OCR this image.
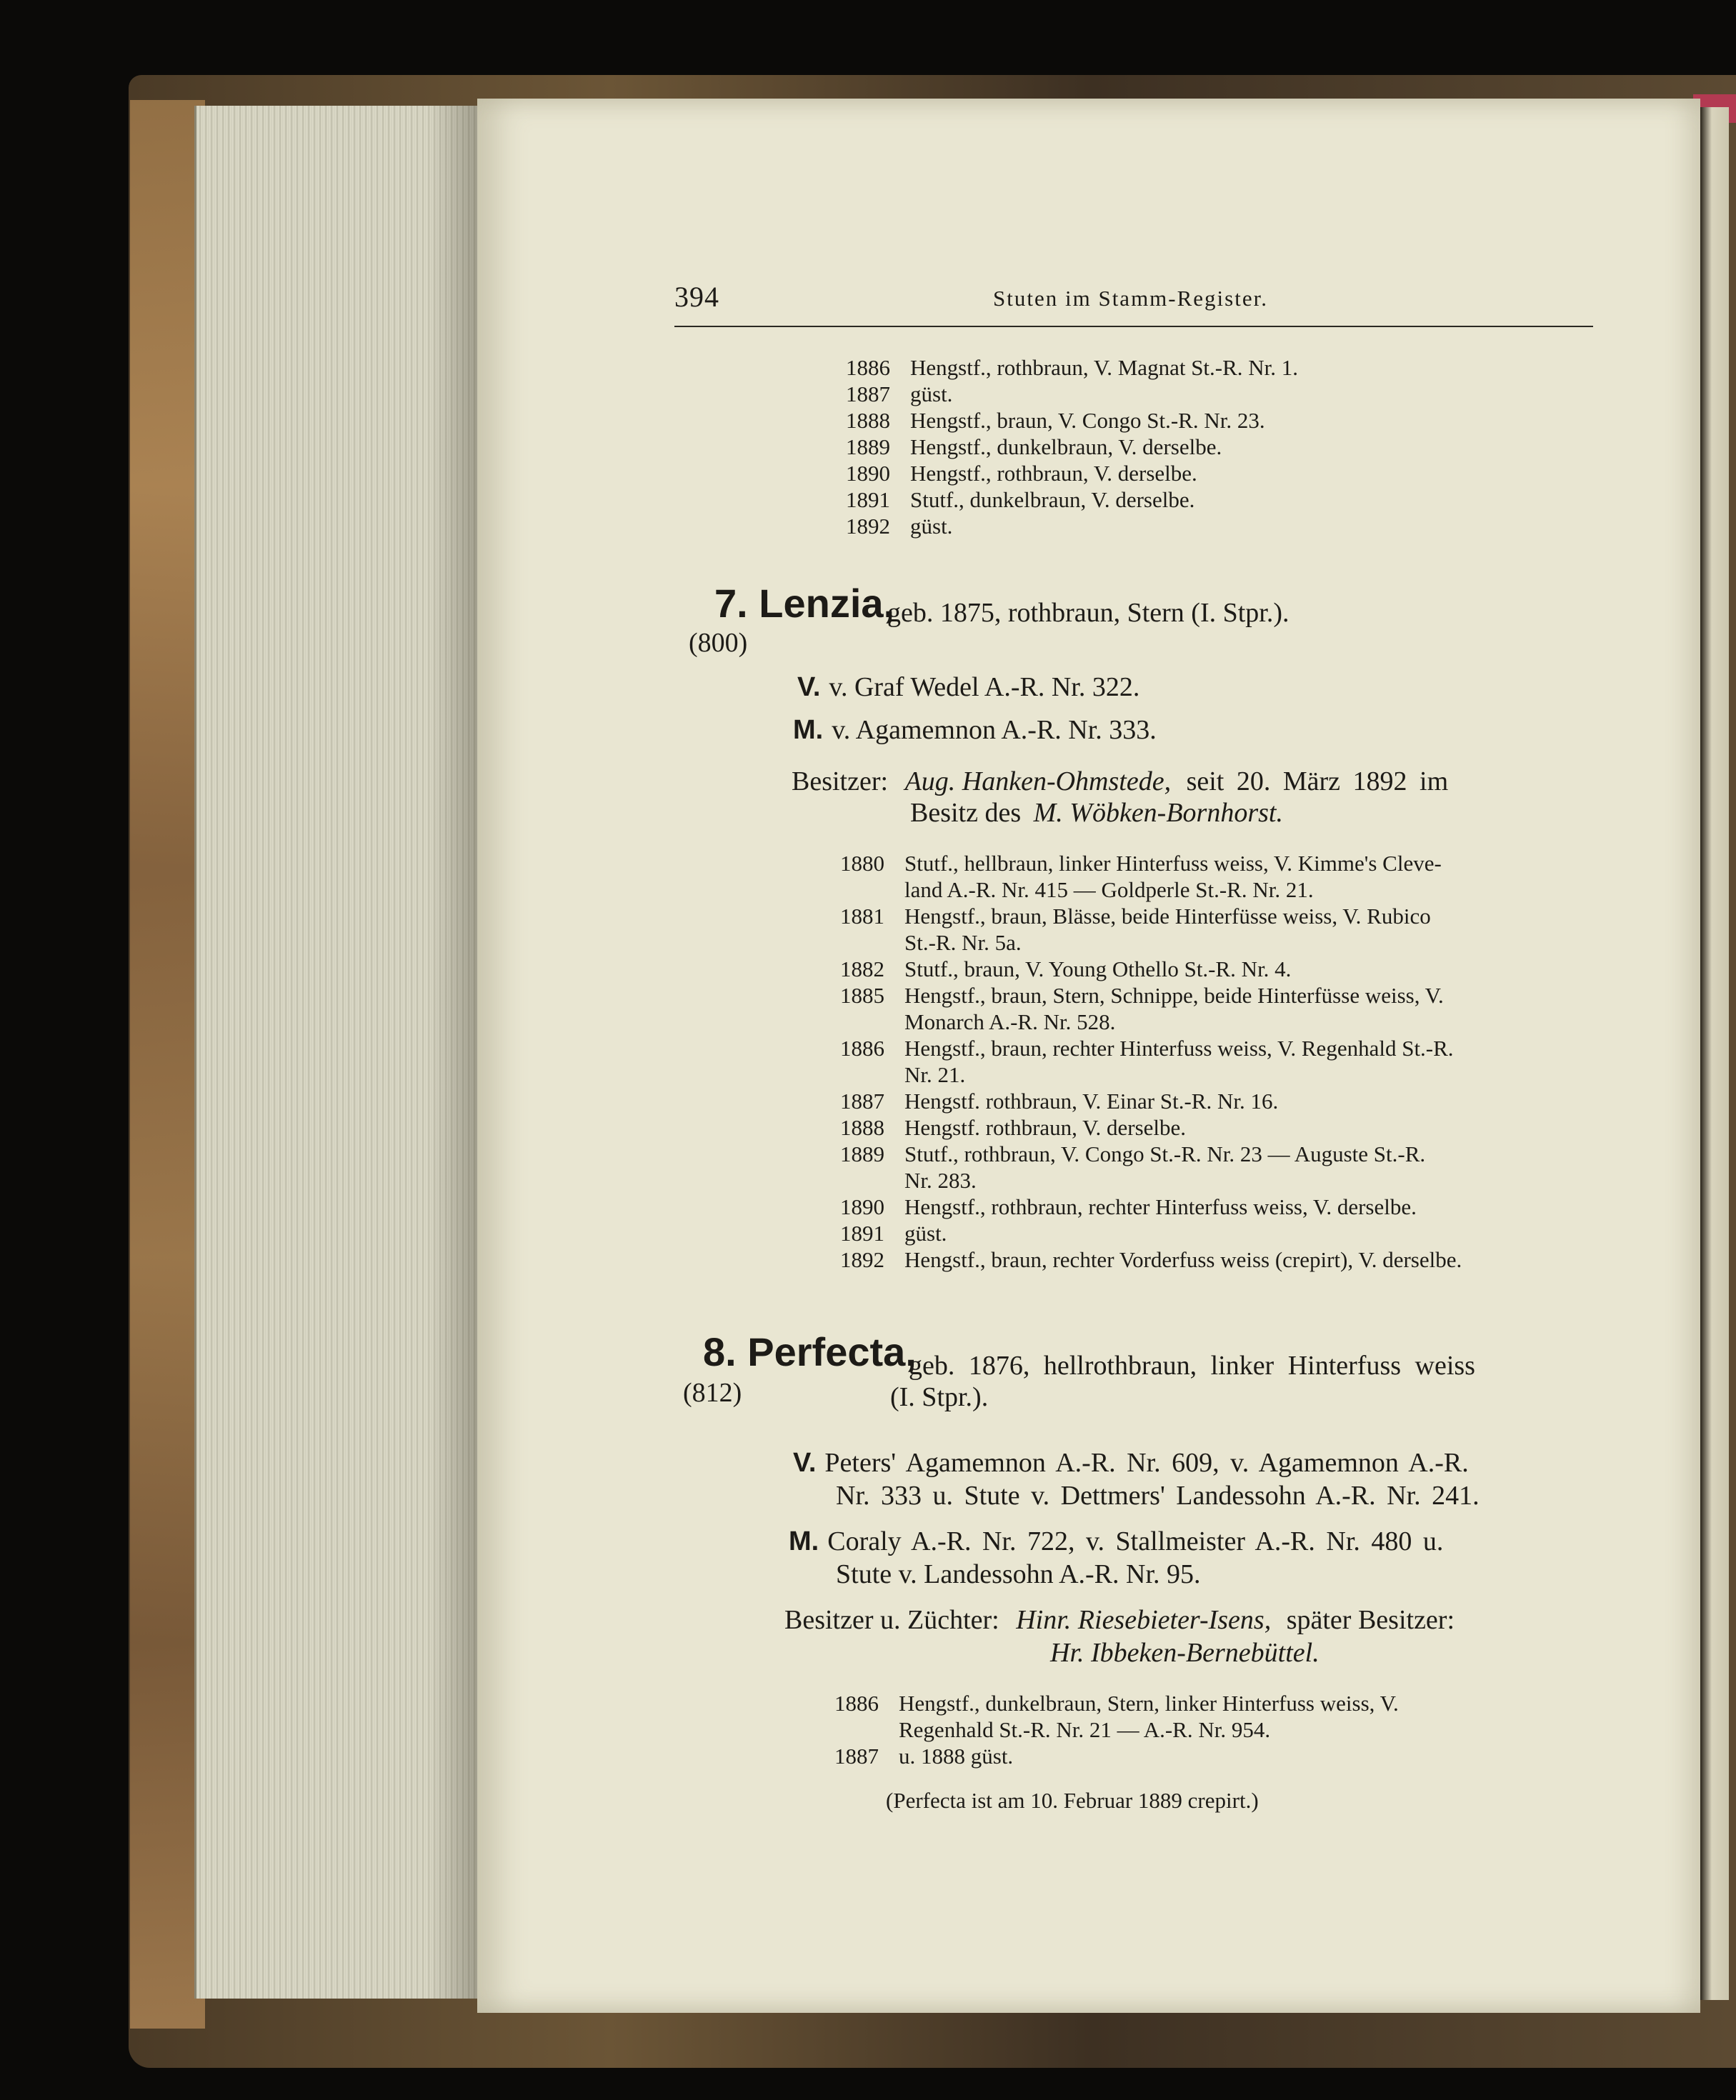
394	Stuten im Stamm-Register.
1886 Hengstf., rothbraun, V. Magnat St.-R. Nr. 1.
1887 güst.
1888 Hengstf., braun, V. Congo St.-R. Nr. 23.
1889 Hengstf., dunkelbraun, V. derselbe.
1890 Hengstf., rothbraun, V. derselbe.
1891 Stutf., dunkelbraun, V. derselbe.
1892 güst.
7. Lenzia,
geb. 1875, rothbraun, Stern (I. Stpr.).
(800)
V. v. Graf Wedel A.-R. Nr. 322.
M. v. Agamemnon A.-R. Nr. 333.
Besitzer: Aug. Hanken-Ohmstede, seit 20. März 1892 im
Besitz des M. Wöbken-Bornhorst.
1880 Stutf., hellbraun, linker Hinterfuss weiss, V. Kimme's Cleve-
land A.-R. Nr. 415 — Goldperle St.-R. Nr. 21.
1881 Hengstf., braun, Blässe, beide Hinterfüsse weiss, V. Rubico
St.-R. Nr. 5a.
1882 Stutf., braun, V. Young Othello St.-R. Nr. 4.
1885 Hengstf., braun, Stern, Schnippe, beide Hinterfüsse weiss, V.
Monarch A.-R. Nr. 528.
1886 Hengstf., braun, rechter Hinterfuss weiss, V. Regenhald St.-R.
Nr. 21.
1887 Hengstf. rothbraun, V. Einar St.-R. Nr. 16.
1888 Hengstf. rothbraun, V. derselbe.
1889 Stutf., rothbraun, V. Congo St.-R. Nr. 23 — Auguste St.-R.
Nr. 283.
1890 Hengstf., rothbraun, rechter Hinterfuss weiss, V. derselbe.
1891 güst.
1892 Hengstf., braun, rechter Vorderfuss weiss (crepirt), V. derselbe.
8. Perfecta,
geb. 1876, hellrothbraun, linker Hinterfuss weiss
(812)	(I. Stpr.).
V. Peters' Agamemnon A.-R. Nr. 609, v. Agamemnon A.-R.
Nr. 333 u. Stute v. Dettmers' Landessohn A.-R. Nr. 241.
M. Coraly A.-R. Nr. 722, v. Stallmeister A.-R. Nr. 480 u.
Stute v. Landessohn A.-R. Nr. 95.
Besitzer u. Züchter: Hinr. Riesebieter-Isens, später Besitzer:
Hr. Ibbeken-Bernebüttel.
1886 Hengstf., dunkelbraun, Stern, linker Hinterfuss weiss, V.
Regenhald St.-R. Nr. 21 — A.-R. Nr. 954.
1887 u. 1888 güst.
(Perfecta ist am 10. Februar 1889 crepirt.)
